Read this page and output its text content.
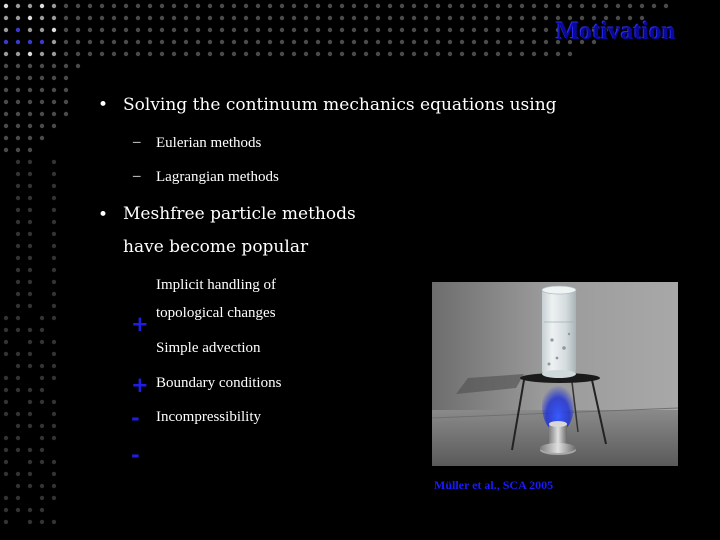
Motivation
• Solving the continuum mechanics equations using
– Eulerian methods
– Lagrangian methods
• Meshfree particle methods
have become popular
Implicit handling of
topological changes
Simple advection
Boundary conditions
Incompressibility
+
+
-
-
Müller et al., SCA 2005
